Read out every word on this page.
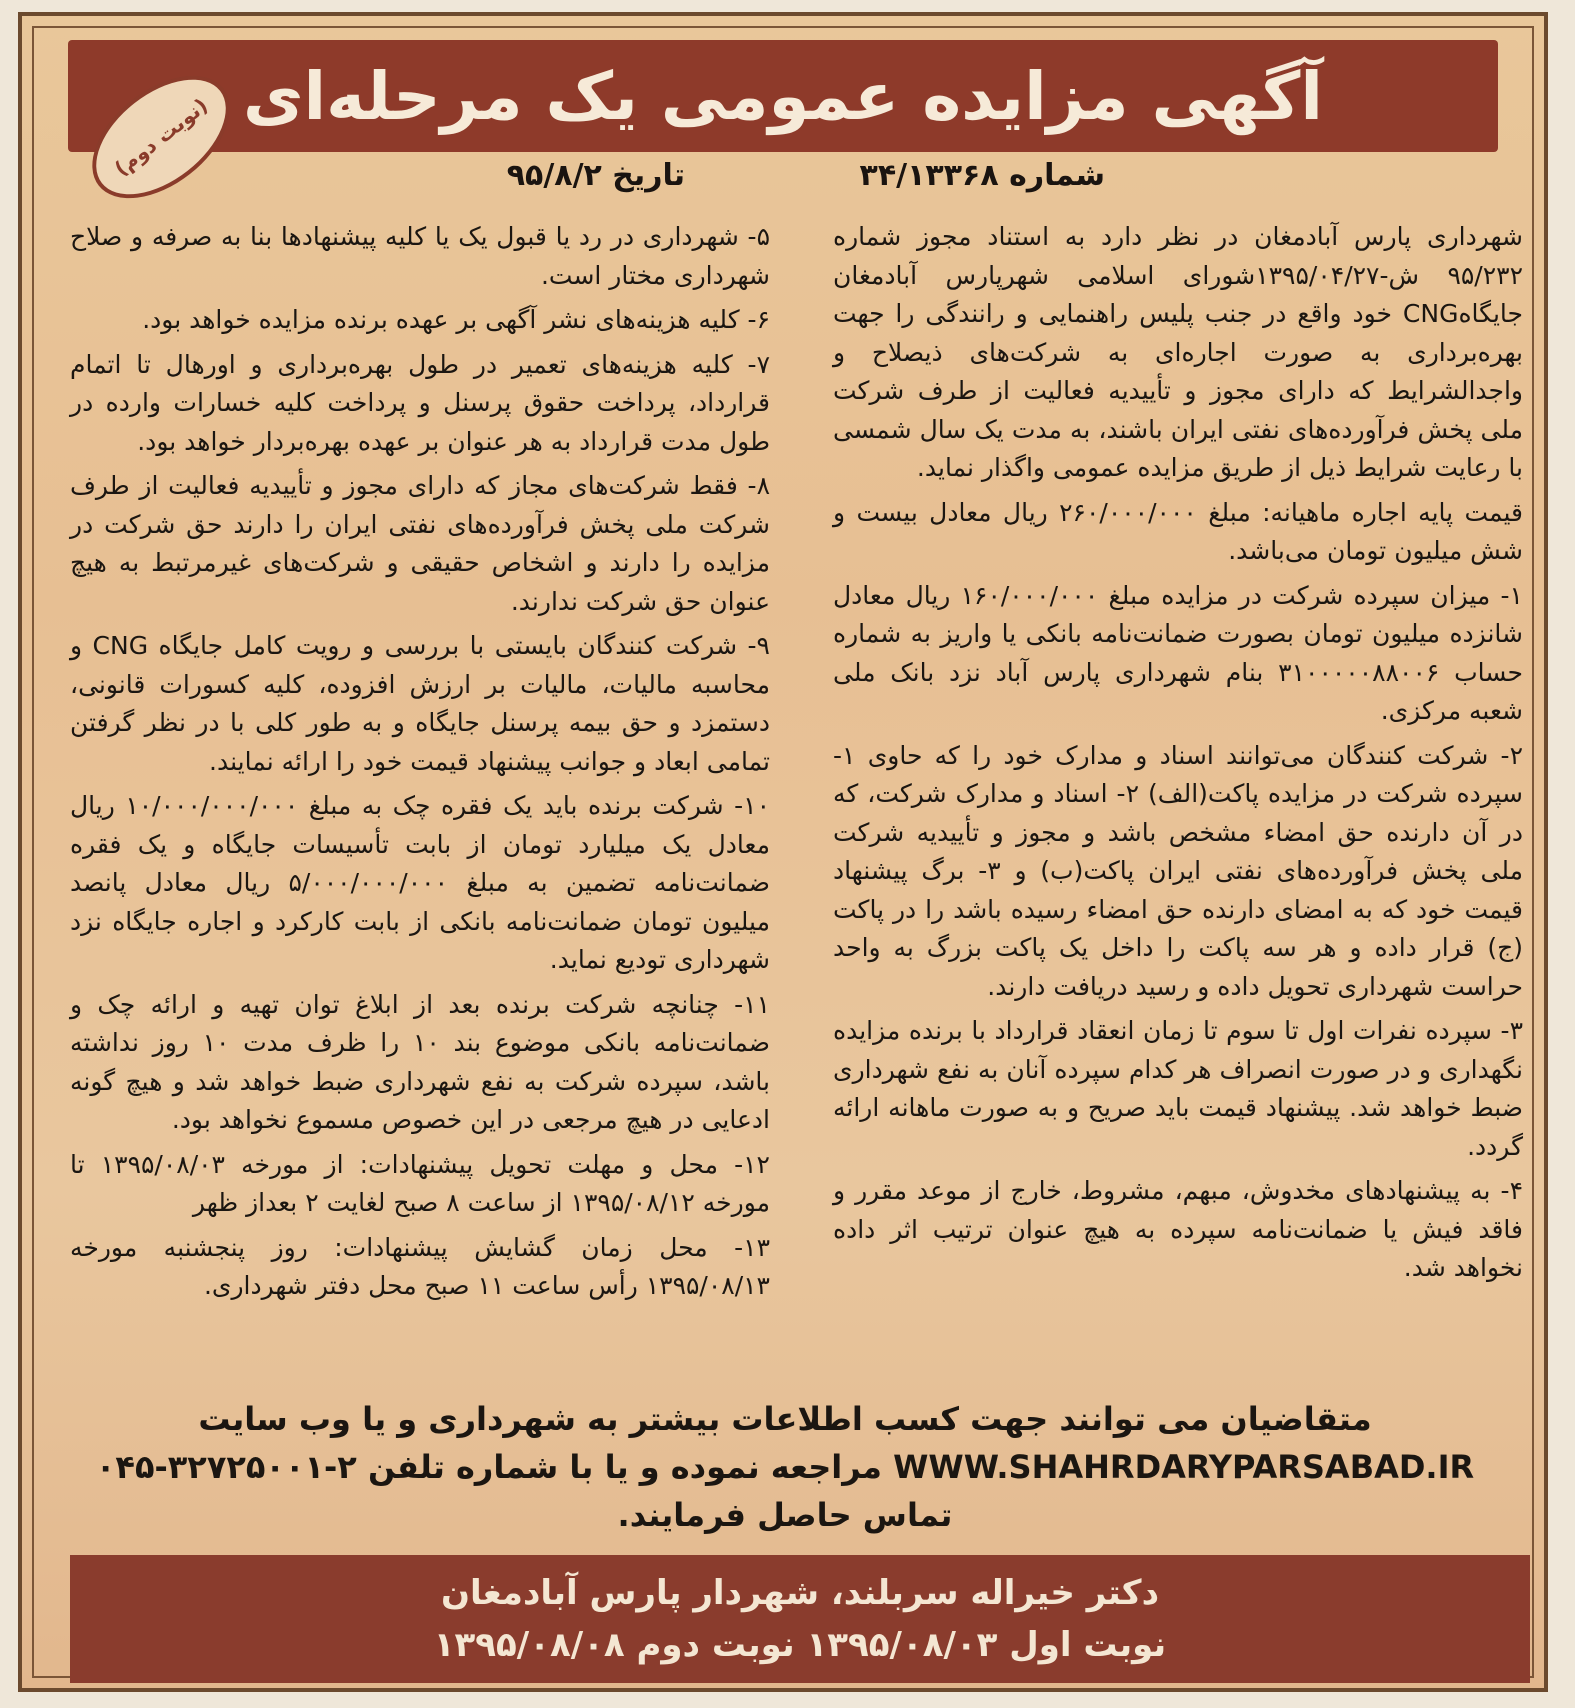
آگهی مزایده عمومی یک مرحله‌ای
(نوبت دوم)	شماره ۳۴/۱۳۳۶۸
تاریخ ۹۵/۸/۲

شهرداری پارس آبادمغان در نظر دارد به استناد مجوز شماره ۹۵/۲۳۲ ش-۱۳۹۵/۰۴/۲۷شورای اسلامی شهرپارس آبادمغان جایگاهCNG خود واقع در جنب پلیس راهنمایی و رانندگی را جهت بهره‌برداری به صورت اجاره‌ای به شرکت‌های ذیصلاح و واجدالشرایط که دارای مجوز و تأییدیه فعالیت از طرف شرکت ملی پخش فرآورده‌های نفتی ایران باشند، به مدت یک سال شمسی با رعایت شرایط ذیل از طریق مزایده عمومی واگذار نماید.

قیمت پایه اجاره ماهیانه: مبلغ ۲۶۰/۰۰۰/۰۰۰ ریال معادل بیست و شش میلیون تومان می‌باشد.

۱- میزان سپرده شرکت در مزایده مبلغ ۱۶۰/۰۰۰/۰۰۰ ریال معادل شانزده میلیون تومان بصورت ضمانت‌نامه بانکی یا واریز به شماره حساب ۳۱۰۰۰۰۰۸۸۰۰۶ بنام شهرداری پارس آباد نزد بانک ملی شعبه مرکزی.

۲- شرکت کنندگان می‌توانند اسناد و مدارک خود را که حاوی ۱- سپرده شرکت در مزایده پاکت(الف) ۲- اسناد و مدارک شرکت، که در آن دارنده حق امضاء مشخص باشد و مجوز و تأییدیه شرکت ملی پخش فرآورده‌های نفتی ایران پاکت(ب) و ۳- برگ پیشنهاد قیمت خود که به امضای دارنده حق امضاء رسیده باشد را در پاکت (ج) قرار داده و هر سه پاکت را داخل یک پاکت بزرگ به واحد حراست شهرداری تحویل داده و رسید دریافت دارند.

۳- سپرده نفرات اول تا سوم تا زمان انعقاد قرارداد با برنده مزایده نگهداری و در صورت انصراف هر کدام سپرده آنان به نفع شهرداری ضبط خواهد شد. پیشنهاد قیمت باید صریح و به صورت ماهانه ارائه گردد.

۴- به پیشنهادهای مخدوش، مبهم، مشروط، خارج از موعد مقرر و فاقد فیش یا ضمانت‌نامه سپرده به هیچ عنوان ترتیب اثر داده نخواهد شد.

۵- شهرداری در رد یا قبول یک یا کلیه پیشنهادها بنا به صرفه و صلاح شهرداری مختار است.

۶- کلیه هزینه‌های نشر آگهی بر عهده برنده مزایده خواهد بود.

۷- کلیه هزینه‌های تعمیر در طول بهره‌برداری و اورهال تا اتمام قرارداد، پرداخت حقوق پرسنل و پرداخت کلیه خسارات وارده در طول مدت قرارداد به هر عنوان بر عهده بهره‌بردار خواهد بود.

۸- فقط شرکت‌های مجاز که دارای مجوز و تأییدیه فعالیت از طرف شرکت ملی پخش فرآورده‌های نفتی ایران را دارند حق شرکت در مزایده را دارند و اشخاص حقیقی و شرکت‌های غیرمرتبط به هیچ عنوان حق شرکت ندارند.

۹- شرکت کنندگان بایستی با بررسی و رویت کامل جایگاه CNG و محاسبه مالیات، مالیات بر ارزش افزوده، کلیه کسورات قانونی، دستمزد و حق بیمه پرسنل جایگاه و به طور کلی با در نظر گرفتن تمامی ابعاد و جوانب پیشنهاد قیمت خود را ارائه نمایند.

۱۰- شرکت برنده باید یک فقره چک به مبلغ ۱۰/۰۰۰/۰۰۰/۰۰۰ ریال معادل یک میلیارد تومان از بابت تأسیسات جایگاه و یک فقره ضمانت‌نامه تضمین به مبلغ ۵/۰۰۰/۰۰۰/۰۰۰ ریال معادل پانصد میلیون تومان ضمانت‌نامه بانکی از بابت کارکرد و اجاره جایگاه نزد شهرداری تودیع نماید.

۱۱- چنانچه شرکت برنده بعد از ابلاغ توان تهیه و ارائه چک و ضمانت‌نامه بانکی موضوع بند ۱۰ را ظرف مدت ۱۰ روز نداشته باشد، سپرده شرکت به نفع شهرداری ضبط خواهد شد و هیچ گونه ادعایی در هیچ مرجعی در این خصوص مسموع نخواهد بود.

۱۲- محل و مهلت تحویل پیشنهادات: از مورخه ۱۳۹۵/۰۸/۰۳ تا مورخه ۱۳۹۵/۰۸/۱۲ از ساعت ۸ صبح لغایت ۲ بعداز ظهر

۱۳- محل زمان گشایش پیشنهادات: روز پنجشنبه مورخه ۱۳۹۵/۰۸/۱۳ رأس ساعت ۱۱ صبح محل دفتر شهرداری.

متقاضیان می توانند جهت کسب اطلاعات بیشتر به شهرداری و یا وب سایت
WWW.SHAHRDARYPARSABAD.IR مراجعه نموده و یا با شماره تلفن ۲-۳۲۷۲۵۰۰۱-۰۴۵
تماس حاصل فرمایند.
دکتر خیراله سربلند، شهردار پارس آبادمغان
نوبت اول ۱۳۹۵/۰۸/۰۳ نوبت دوم ۱۳۹۵/۰۸/۰۸
